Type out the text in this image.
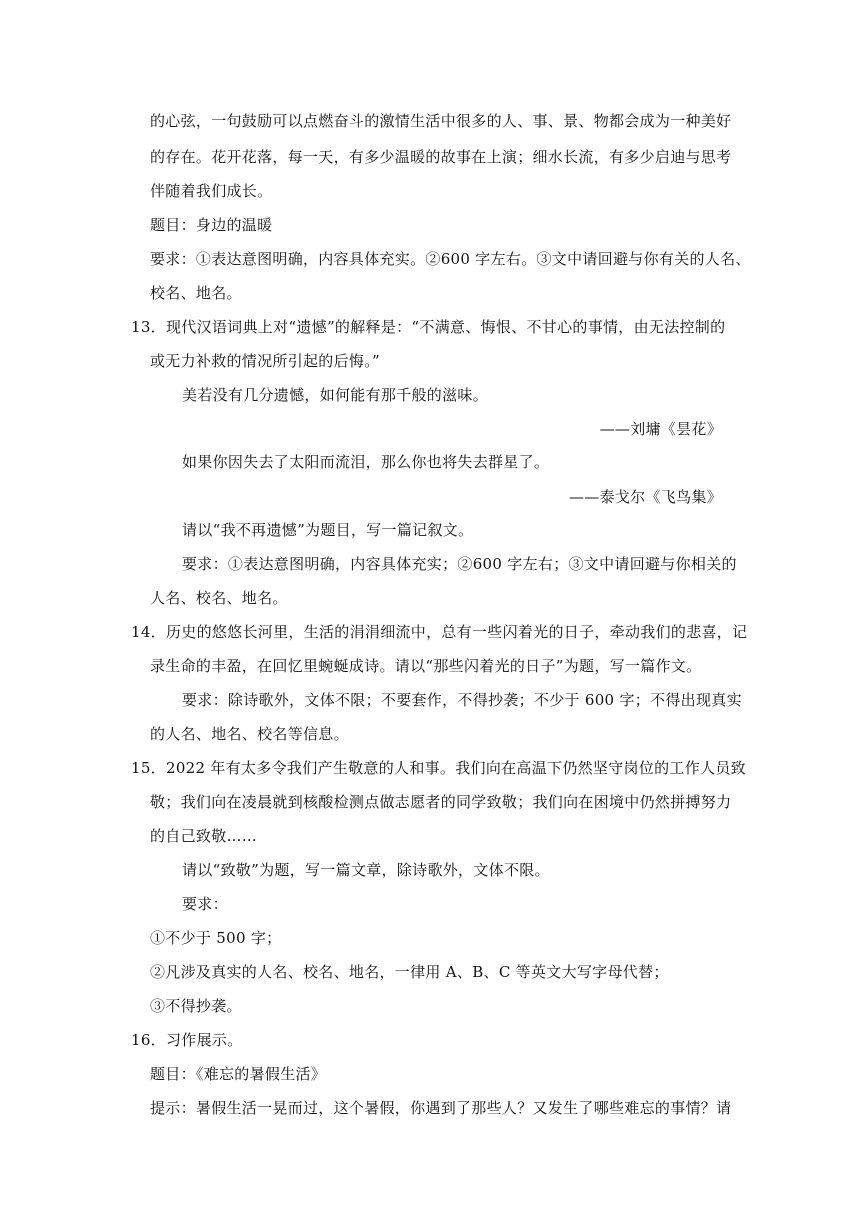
的心弦，一句鼓励可以点燃奋斗的激情生活中很多的人、事、景、物都会成为一种美好
的存在。花开花落，每一天，有多少温暖的故事在上演；细水长流，有多少启迪与思考
伴随着我们成长。
题目：身边的温暖
要求：①表达意图明确，内容具体充实。②600 字左右。③文中请回避与你有关的人名、
校名、地名。
13．现代汉语词典上对“遗憾”的解释是：“不满意、悔恨、不甘心的事情，由无法控制的
或无力补救的情况所引起的后悔。”
美若没有几分遗憾，如何能有那千般的滋味。
——刘墉《昙花》
如果你因失去了太阳而流泪，那么你也将失去群星了。
——泰戈尔《飞鸟集》
请以“我不再遗憾”为题目，写一篇记叙文。
要求：①表达意图明确，内容具体充实；②600 字左右；③文中请回避与你相关的
人名、校名、地名。
14．历史的悠悠长河里，生活的涓涓细流中，总有一些闪着光的日子，牵动我们的悲喜，记
录生命的丰盈，在回忆里蜿蜒成诗。请以“那些闪着光的日子”为题，写一篇作文。
要求：除诗歌外，文体不限；不要套作，不得抄袭；不少于 600 字；不得出现真实
的人名、地名、校名等信息。
15．2022 年有太多令我们产生敬意的人和事。我们向在高温下仍然坚守岗位的工作人员致
敬；我们向在凌晨就到核酸检测点做志愿者的同学致敬；我们向在困境中仍然拼搏努力
的自己致敬……
请以“致敬”为题，写一篇文章，除诗歌外，文体不限。
要求：
①不少于 500 字；
②凡涉及真实的人名、校名、地名，一律用 A、B、C 等英文大写字母代替；
③不得抄袭。
16．习作展示。
题目：《难忘的暑假生活》
提示：暑假生活一晃而过，这个暑假，你遇到了那些人？又发生了哪些难忘的事情？请
